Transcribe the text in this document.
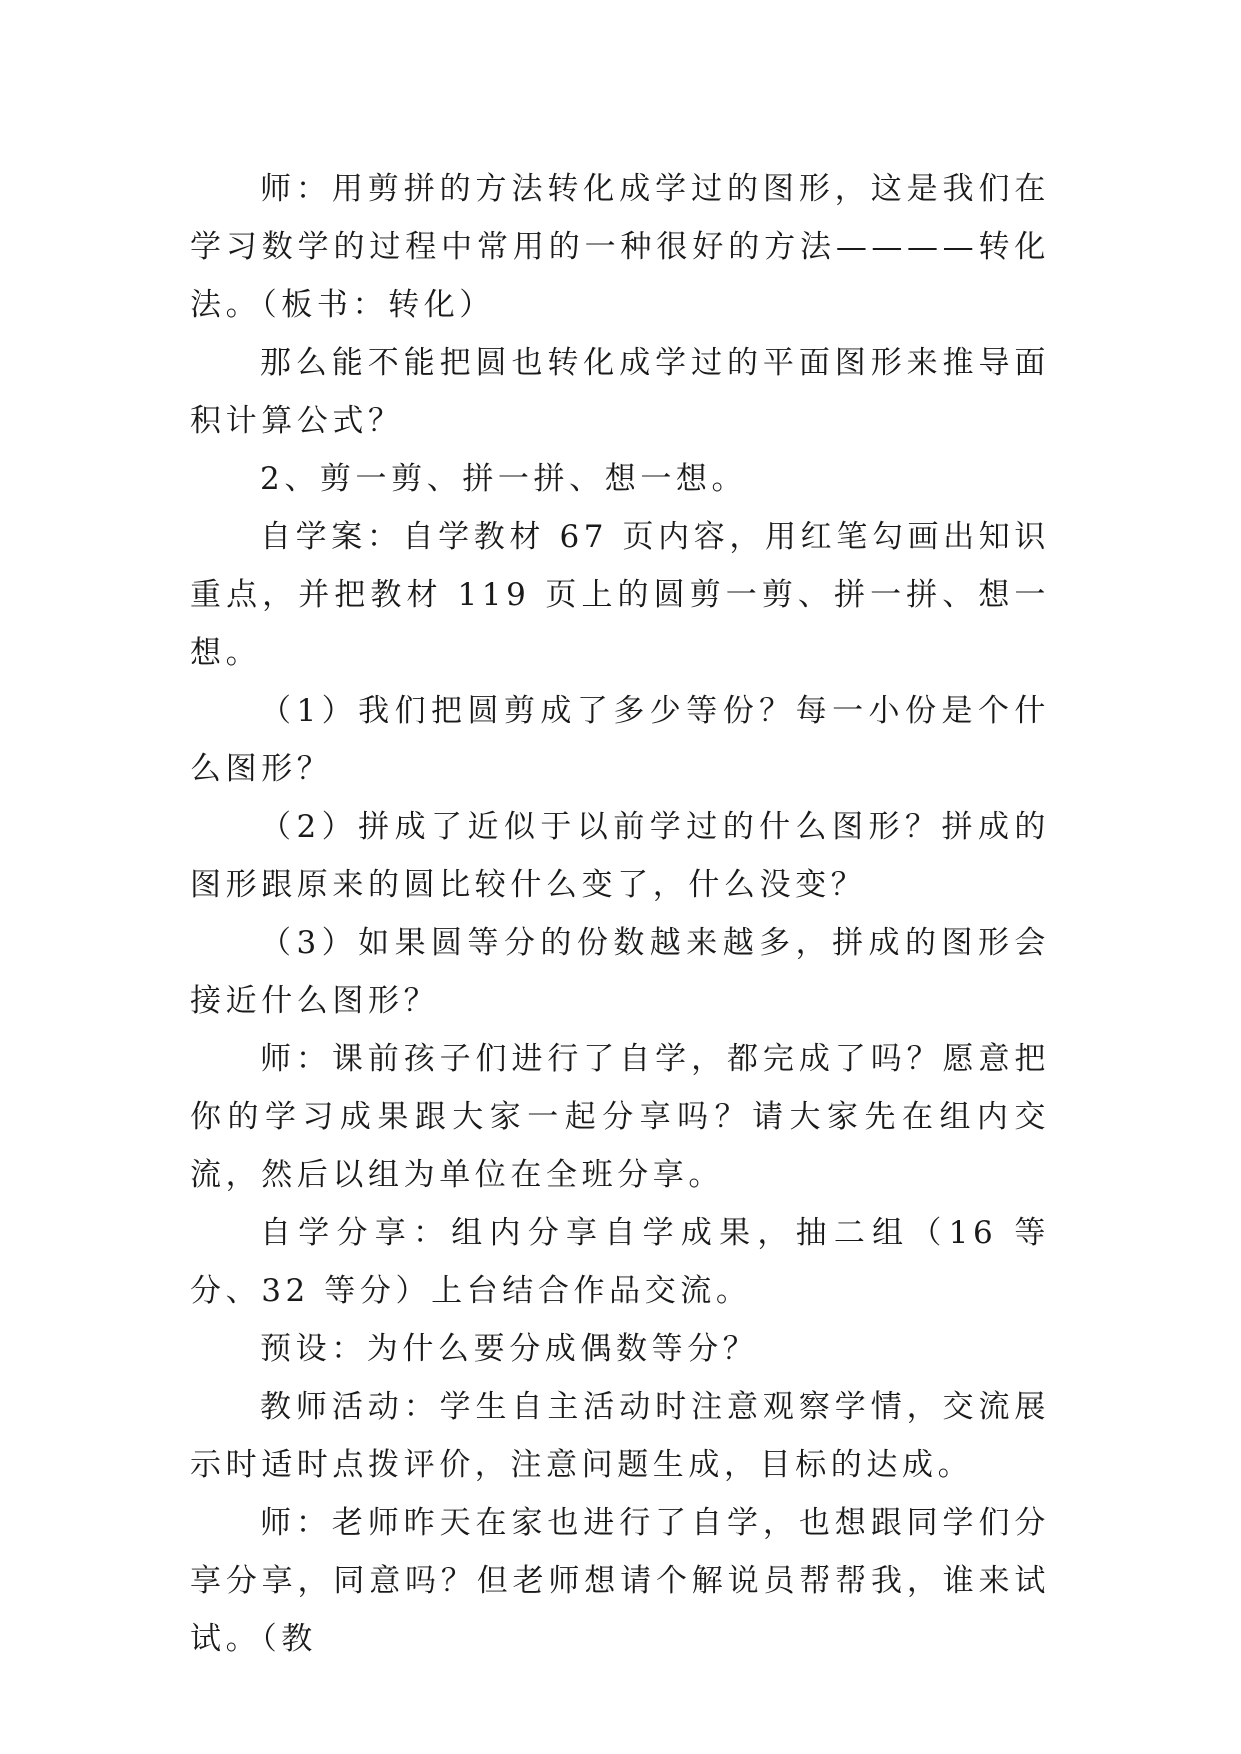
师：用剪拼的方法转化成学过的图形，这是我们在学习数学的过程中常用的一种很好的方法————转化法。（板书：转化）

那么能不能把圆也转化成学过的平面图形来推导面积计算公式？

2、剪一剪、拼一拼、想一想。

自学案：自学教材 67 页内容，用红笔勾画出知识重点，并把教材 119 页上的圆剪一剪、拼一拼、想一想。

（1）我们把圆剪成了多少等份？每一小份是个什么图形？

（2）拼成了近似于以前学过的什么图形？拼成的图形跟原来的圆比较什么变了，什么没变？

（3）如果圆等分的份数越来越多，拼成的图形会接近什么图形？

师：课前孩子们进行了自学，都完成了吗？愿意把你的学习成果跟大家一起分享吗？请大家先在组内交流，然后以组为单位在全班分享。

自学分享：组内分享自学成果，抽二组（16 等分、32 等分）上台结合作品交流。

预设：为什么要分成偶数等分？

教师活动：学生自主活动时注意观察学情，交流展示时适时点拨评价，注意问题生成，目标的达成。

师：老师昨天在家也进行了自学，也想跟同学们分享分享，同意吗？但老师想请个解说员帮帮我，谁来试试。（教
